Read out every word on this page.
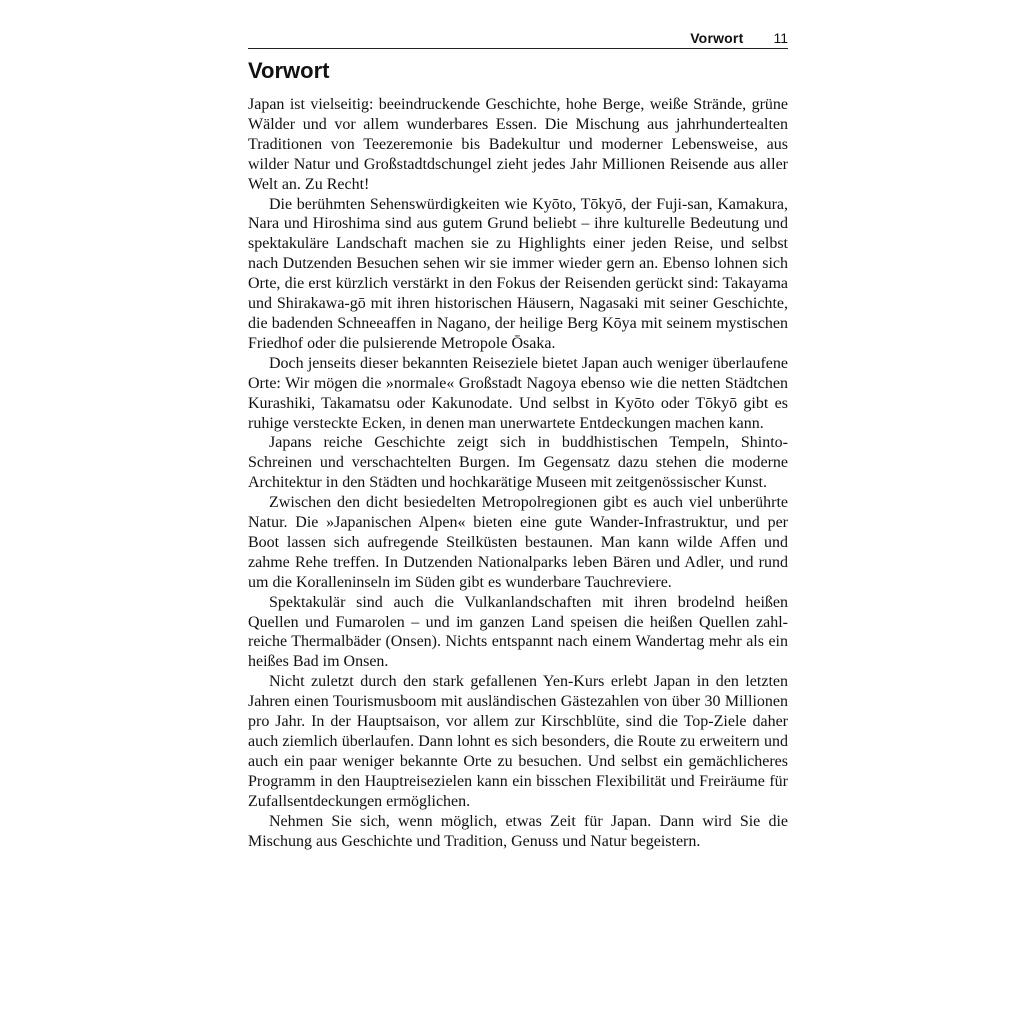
Vorwort 11
Vorwort

Japan ist vielseitig: beeindruckende Geschichte, hohe Berge, weiße Strände, grüne Wälder und vor allem wunderbares Essen. Die Mischung aus jahrhundertealten Traditionen von Teezeremonie bis Badekultur und moderner Lebensweise, aus wilder Natur und Großstadtdschungel zieht jedes Jahr Millionen Reisende aus aller Welt an. Zu Recht!

Die berühmten Sehenswürdigkeiten wie Kyōto, Tōkyō, der Fuji-san, Kamakura, Nara und Hiroshima sind aus gutem Grund beliebt – ihre kulturelle Bedeutung und spektakuläre Landschaft machen sie zu Highlights einer jeden Reise, und selbst nach Dutzenden Besuchen sehen wir sie immer wieder gern an. Ebenso lohnen sich Orte, die erst kürzlich verstärkt in den Fokus der Reisenden gerückt sind: Takayama und Shirakawa-gō mit ihren historischen Häusern, Nagasaki mit seiner Geschichte, die badenden Schneeaffen in Nagano, der heilige Berg Kōya mit seinem mystischen Friedhof oder die pulsierende Metropole Ōsaka.

Doch jenseits dieser bekannten Reiseziele bietet Japan auch weniger überlaufene Orte: Wir mögen die »normale« Großstadt Nagoya ebenso wie die netten Städtchen Kurashiki, Takamatsu oder Kakunodate. Und selbst in Kyōto oder Tōkyō gibt es ruhige versteckte Ecken, in denen man unerwartete Entdeckungen machen kann.

Japans reiche Geschichte zeigt sich in buddhistischen Tempeln, Shinto-Schreinen und verschachtelten Burgen. Im Gegensatz dazu stehen die moderne Architektur in den Städten und hochkarätige Museen mit zeitgenössischer Kunst.

Zwischen den dicht besiedelten Metropolregionen gibt es auch viel unberührte Natur. Die »Japanischen Alpen« bieten eine gute Wander-Infrastruktur, und per Boot lassen sich aufregende Steilküsten bestaunen. Man kann wilde Affen und zahme Rehe treffen. In Dutzenden Nationalparks leben Bären und Adler, und rund um die Koralleninseln im Süden gibt es wunderbare Tauchreviere.

Spektakulär sind auch die Vulkanlandschaften mit ihren brodelnd heißen Quellen und Fumarolen – und im ganzen Land speisen die heißen Quellen zahlreiche Thermalbäder (Onsen). Nichts entspannt nach einem Wandertag mehr als ein heißes Bad im Onsen.

Nicht zuletzt durch den stark gefallenen Yen-Kurs erlebt Japan in den letzten Jahren einen Tourismusboom mit ausländischen Gästezahlen von über 30 Millionen pro Jahr. In der Hauptsaison, vor allem zur Kirschblüte, sind die Top-Ziele daher auch ziemlich überlaufen. Dann lohnt es sich besonders, die Route zu erweitern und auch ein paar weniger bekannte Orte zu besuchen. Und selbst ein gemächlicheres Programm in den Hauptreisezielen kann ein bisschen Flexibilität und Freiräume für Zufallsentdeckungen ermöglichen.

Nehmen Sie sich, wenn möglich, etwas Zeit für Japan. Dann wird Sie die Mischung aus Geschichte und Tradition, Genuss und Natur begeistern.
